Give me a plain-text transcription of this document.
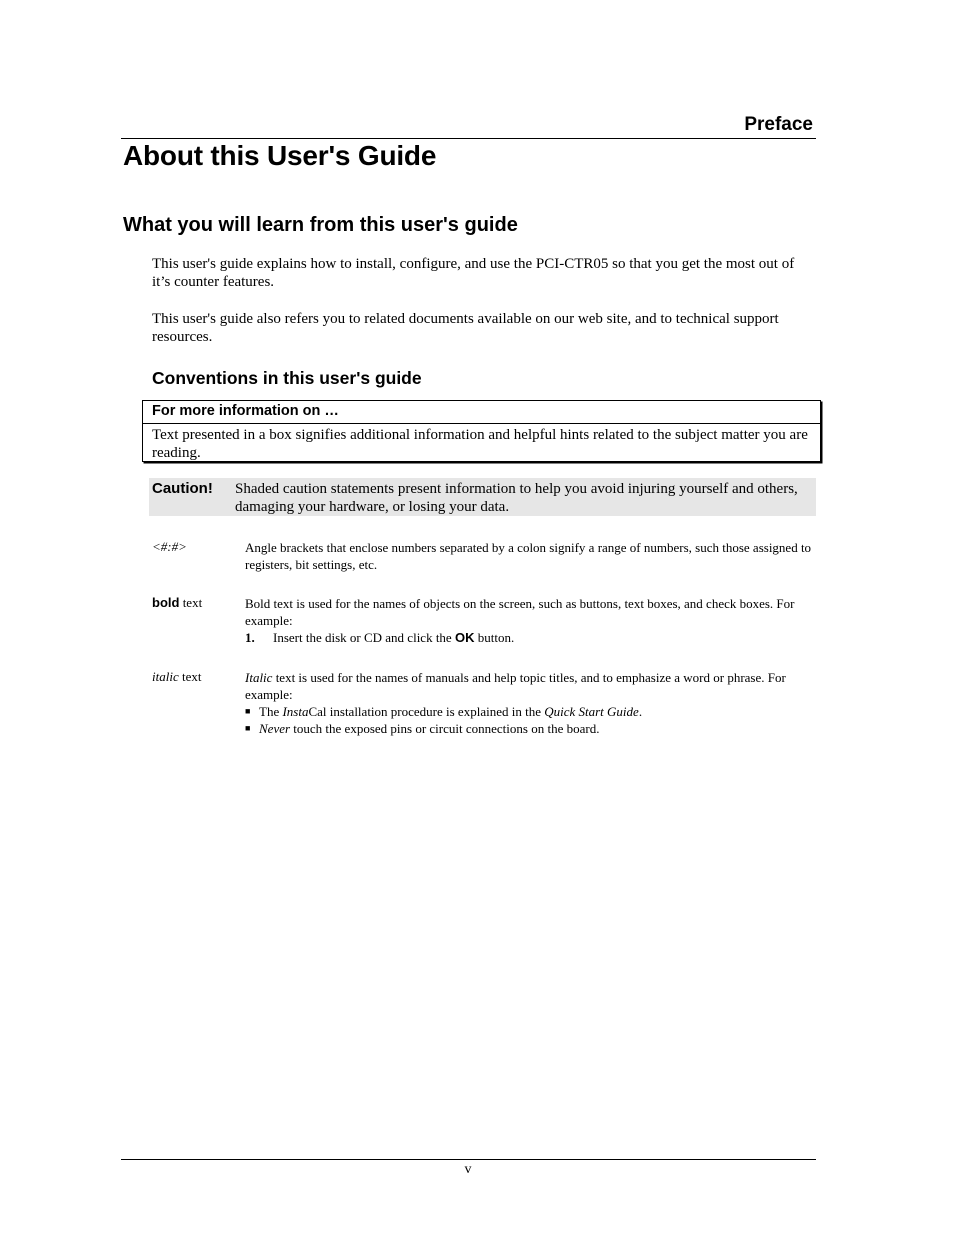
Preface
About this User's Guide
What you will learn from this user's guide
This user's guide explains how to install, configure, and use the PCI-CTR05 so that you get the most out of it’s counter features.
This user's guide also refers you to related documents available on our web site, and to technical support resources.
Conventions in this user's guide
For more information on …
Text presented in a box signifies additional information and helpful hints related to the subject matter you are reading.
Caution! Shaded caution statements present information to help you avoid injuring yourself and others, damaging your hardware, or losing your data.
<#:#>	Angle brackets that enclose numbers separated by a colon signify a range of numbers, such those assigned to registers, bit settings, etc.
bold text	Bold text is used for the names of objects on the screen, such as buttons, text boxes, and check boxes. For example:
1. Insert the disk or CD and click the OK button.
italic text	Italic text is used for the names of manuals and help topic titles, and to emphasize a word or phrase. For example:
■ The InstaCal installation procedure is explained in the Quick Start Guide.
■ Never touch the exposed pins or circuit connections on the board.
v
